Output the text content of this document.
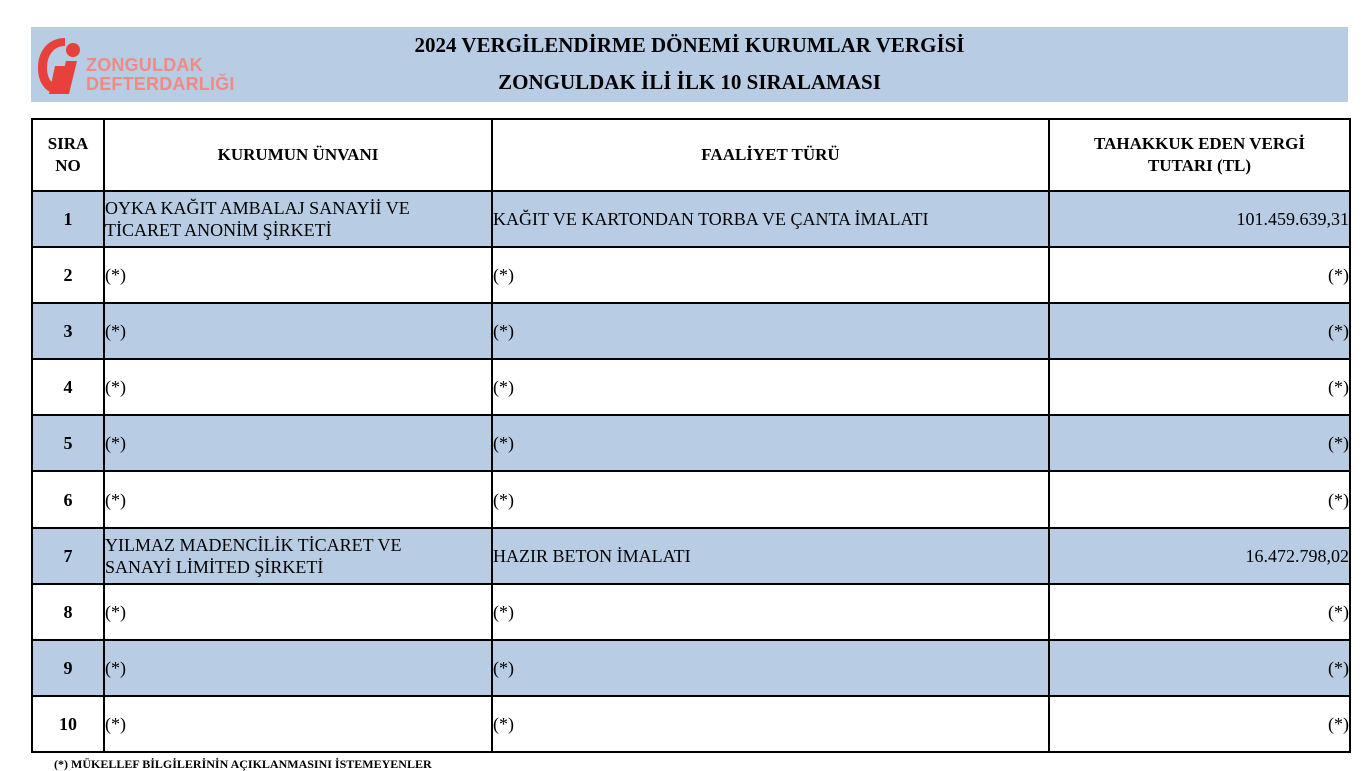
ZONGULDAK
DEFTERDARLIĞI
2024 VERGİLENDİRME DÖNEMİ KURUMLAR VERGİSİ
ZONGULDAK İLİ İLK 10 SIRALAMASI
SIRA
NO	KURUMUN ÜNVANI	FAALİYET TÜRÜ	TAHAKKUK EDEN VERGİ
TUTARI (TL)
1	OYKA KAĞIT AMBALAJ SANAYİİ VE
TİCARET ANONİM ŞİRKETİ	KAĞIT VE KARTONDAN TORBA VE ÇANTA İMALATI	101.459.639,31
2	(*)	(*)	(*)
3	(*)	(*)	(*)
4	(*)	(*)	(*)
5	(*)	(*)	(*)
6	(*)	(*)	(*)
7	YILMAZ MADENCİLİK TİCARET VE
SANAYİ LİMİTED ŞİRKETİ	HAZIR BETON İMALATI	16.472.798,02
8	(*)	(*)	(*)
9	(*)	(*)	(*)
10	(*)	(*)	(*)
(*) MÜKELLEF BİLGİLERİNİN AÇIKLANMASINI İSTEMEYENLER
